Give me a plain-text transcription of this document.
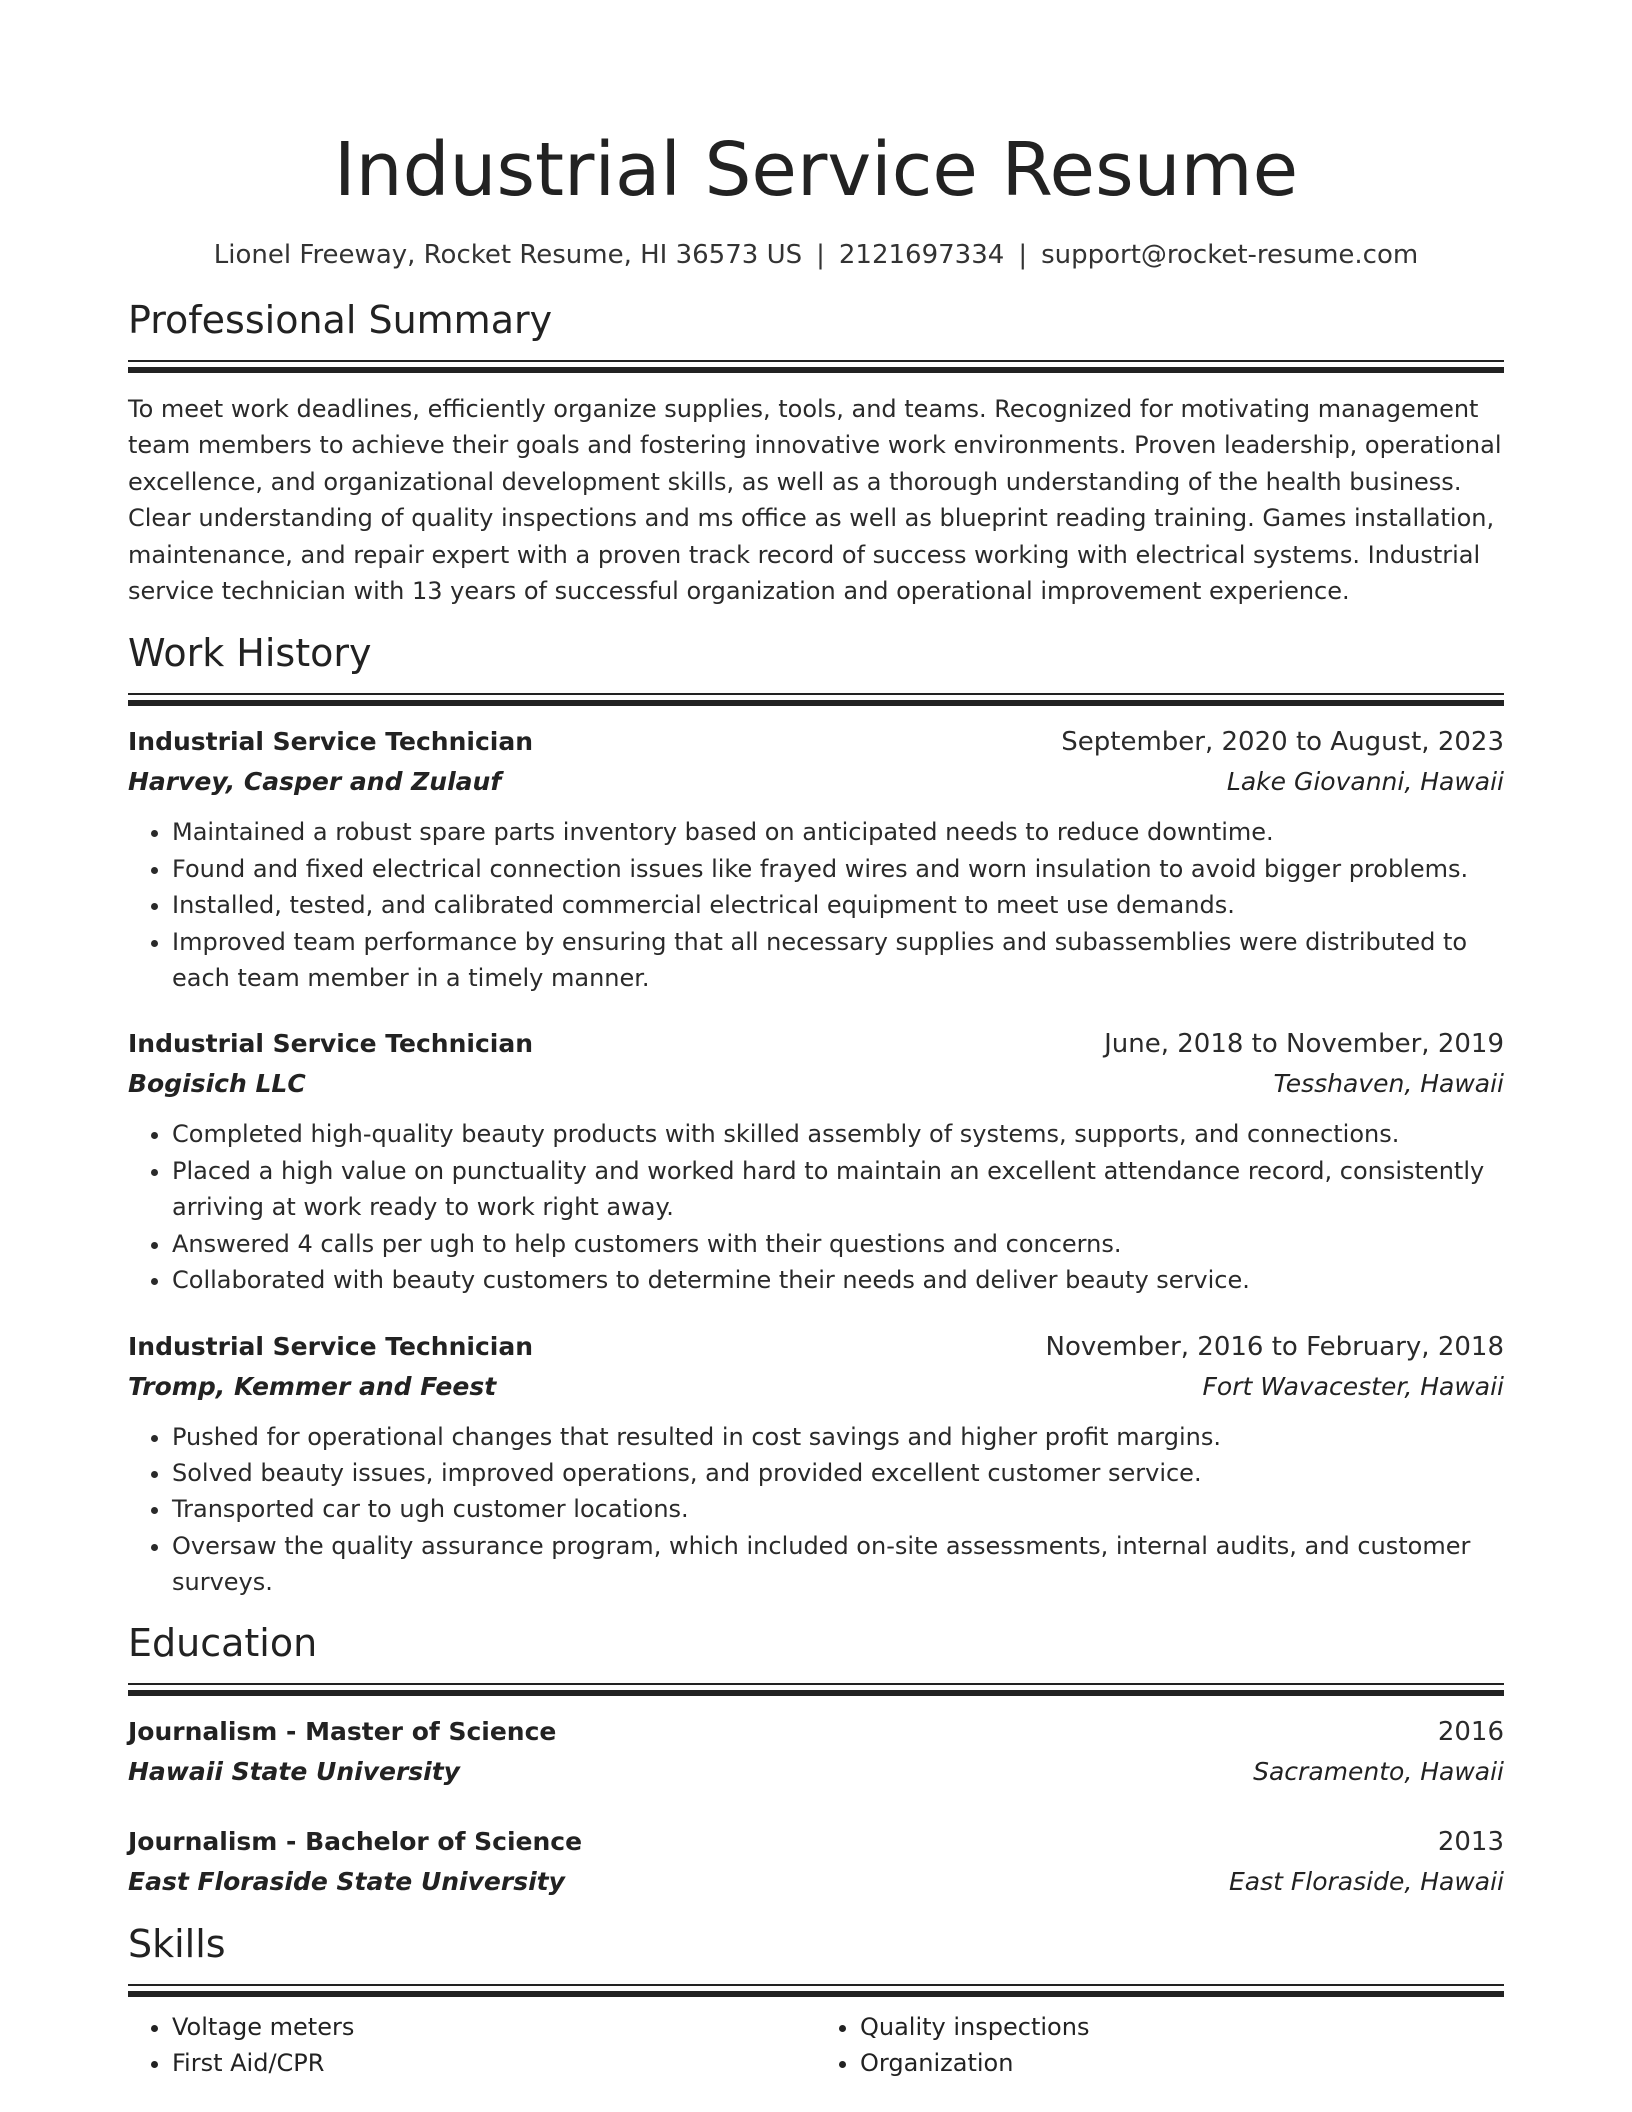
Industrial Service Resume
Lionel Freeway, Rocket Resume, HI 36573 US | 2121697334 | support@rocket-resume.com
Professional Summary

To meet work deadlines, efficiently organize supplies, tools, and teams. Recognized for motivating management team members to achieve their goals and fostering innovative work environments. Proven leadership, operational excellence, and organizational development skills, as well as a thorough understanding of the health business. Clear understanding of quality inspections and ms office as well as blueprint reading training. Games installation, maintenance, and repair expert with a proven track record of success working with electrical systems. Industrial service technician with 13 years of successful organization and operational improvement experience.

Work History
Industrial Service Technician	September, 2020 to August, 2023
Harvey, Casper and Zulauf	Lake Giovanni, Hawaii
• Maintained a robust spare parts inventory based on anticipated needs to reduce downtime.
• Found and fixed electrical connection issues like frayed wires and worn insulation to avoid bigger problems.
• Installed, tested, and calibrated commercial electrical equipment to meet use demands.
• Improved team performance by ensuring that all necessary supplies and subassemblies were distributed to each team member in a timely manner.
Industrial Service Technician	June, 2018 to November, 2019
Bogisich LLC	Tesshaven, Hawaii
• Completed high-quality beauty products with skilled assembly of systems, supports, and connections.
• Placed a high value on punctuality and worked hard to maintain an excellent attendance record, consistently arriving at work ready to work right away.
• Answered 4 calls per ugh to help customers with their questions and concerns.
• Collaborated with beauty customers to determine their needs and deliver beauty service.
Industrial Service Technician	November, 2016 to February, 2018
Tromp, Kemmer and Feest	Fort Wavacester, Hawaii
• Pushed for operational changes that resulted in cost savings and higher profit margins.
• Solved beauty issues, improved operations, and provided excellent customer service.
• Transported car to ugh customer locations.
• Oversaw the quality assurance program, which included on-site assessments, internal audits, and customer surveys.
Education
Journalism - Master of Science	2016
Hawaii State University	Sacramento, Hawaii
Journalism - Bachelor of Science	2013
East Floraside State University	East Floraside, Hawaii
Skills
• Voltage meters
• First Aid/CPR
• Quality inspections
• Organization
